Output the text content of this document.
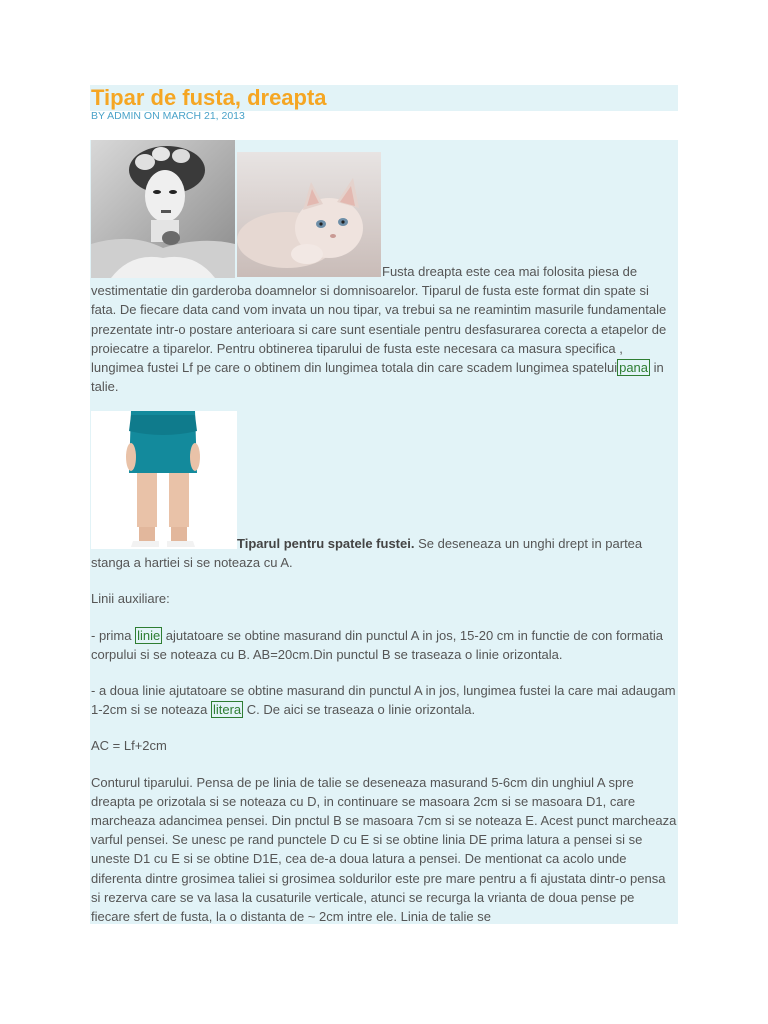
Tipar de fusta, dreapta
BY ADMIN ON MARCH 21, 2013
Fusta dreapta este cea mai folosita piesa de vestimentatie din garderoba doamnelor si domnisoarelor. Tiparul de fusta este format din spate si fata. De fiecare data cand vom invata un nou tipar, va trebui sa ne reamintim masurile fundamentale prezentate intr-o postare anterioara si care sunt esentiale pentru desfasurarea corecta a etapelor de proiecatre a tiparelor. Pentru obtinerea tiparului de fusta este necesara ca masura specifica , lungimea fustei Lf pe care o obtinem din lungimea totala din care scadem lungimea spatelui pana in talie.

Tiparul pentru spatele fustei. Se deseneaza un unghi drept in partea stanga a hartiei si se noteaza cu A.

Linii auxiliare:

- prima linie ajutatoare se obtine masurand din punctul A in jos, 15-20 cm in functie de con formatia corpului si se noteaza cu B. AB=20cm.Din punctul B se traseaza o linie orizontala.

- a doua linie ajutatoare se obtine masurand din punctul A in jos, lungimea fustei la care mai adaugam 1-2cm si se noteaza litera C. De aici se traseaza o linie orizontala.

AC = Lf+2cm

Conturul tiparului. Pensa de pe linia de talie se deseneaza masurand 5-6cm din unghiul A spre dreapta pe orizotala si se noteaza cu D, in continuare se masoara 2cm si se masoara D1, care marcheaza adancimea pensei. Din pnctul B se masoara 7cm si se noteaza E. Acest punct marcheaza varful pensei. Se unesc pe rand punctele D cu E si se obtine linia DE prima latura a pensei si se uneste D1 cu E si se obtine D1E, cea de-a doua latura a pensei. De mentionat ca acolo unde diferenta dintre grosimea taliei si grosimea soldurilor este pre mare pentru a fi ajustata dintr-o pensa si rezerva care se va lasa la cusaturile verticale, atunci se recurga la vrianta de doua pense pe fiecare sfert de fusta, la o distanta de ~ 2cm intre ele. Linia de talie se
